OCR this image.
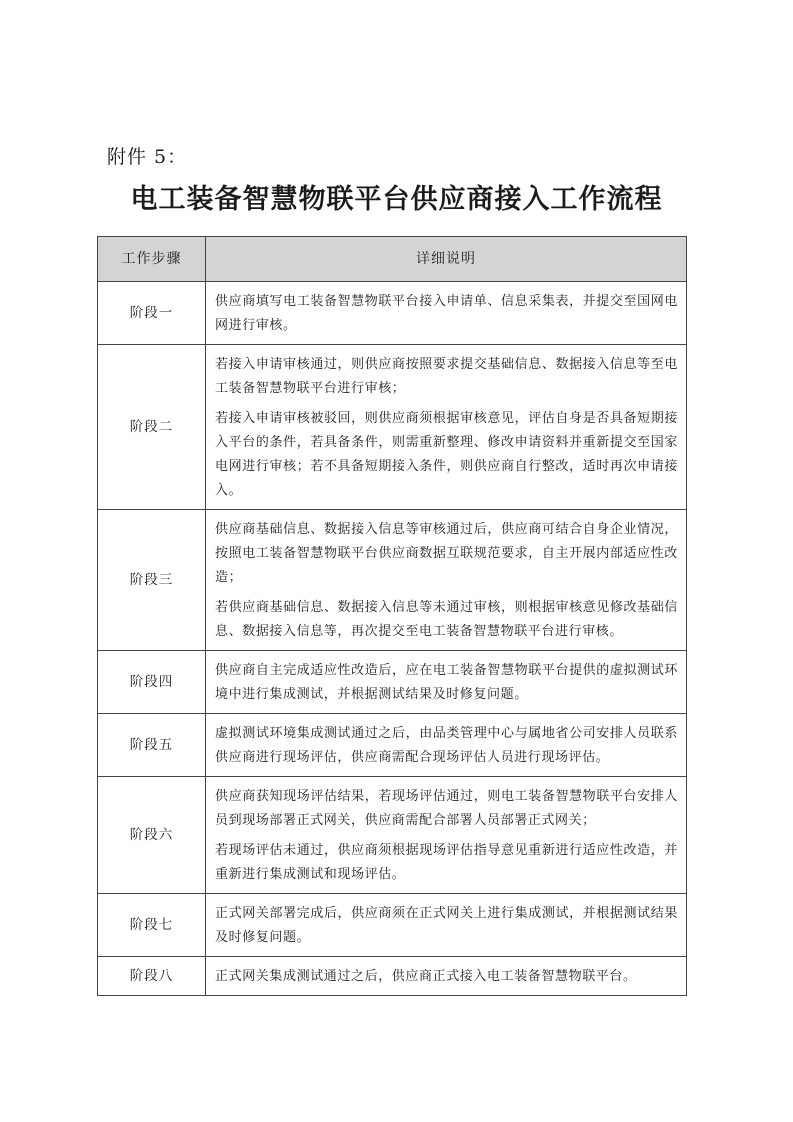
附件 5：
电工装备智慧物联平台供应商接入工作流程
工作步骤	详细说明
阶段一	供应商填写电工装备智慧物联平台接入申请单、信息采集表，并提交至国网电网进行审核。

阶段二	若接入申请审核通过，则供应商按照要求提交基础信息、数据接入信息等至电工装备智慧物联平台进行审核；

若接入申请审核被驳回，则供应商须根据审核意见，评估自身是否具备短期接入平台的条件，若具备条件，则需重新整理、修改申请资料并重新提交至国家电网进行审核；若不具备短期接入条件，则供应商自行整改，适时再次申请接入。

阶段三	供应商基础信息、数据接入信息等审核通过后，供应商可结合自身企业情况，按照电工装备智慧物联平台供应商数据互联规范要求，自主开展内部适应性改造；

若供应商基础信息、数据接入信息等未通过审核，则根据审核意见修改基础信息、数据接入信息等，再次提交至电工装备智慧物联平台进行审核。

阶段四	供应商自主完成适应性改造后，应在电工装备智慧物联平台提供的虚拟测试环境中进行集成测试，并根据测试结果及时修复问题。

阶段五	虚拟测试环境集成测试通过之后，由品类管理中心与属地省公司安排人员联系供应商进行现场评估，供应商需配合现场评估人员进行现场评估。

阶段六	供应商获知现场评估结果，若现场评估通过，则电工装备智慧物联平台安排人员到现场部署正式网关，供应商需配合部署人员部署正式网关；

若现场评估未通过，供应商须根据现场评估指导意见重新进行适应性改造，并重新进行集成测试和现场评估。

阶段七	正式网关部署完成后，供应商须在正式网关上进行集成测试，并根据测试结果及时修复问题。

阶段八	正式网关集成测试通过之后，供应商正式接入电工装备智慧物联平台。
